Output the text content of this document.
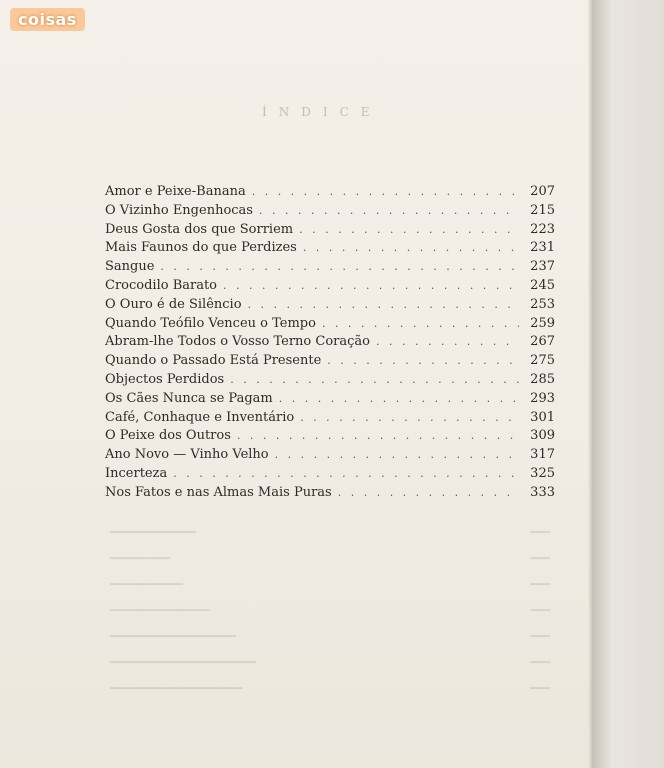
coisas
ÍNDICE
Amor e Peixe-Banana . . .	207
O Vizinho Engenhocas . . .	215
Deus Gosta dos que Sorriem . . .	223
Mais Faunos do que Perdizes . . .	231
Sangue . . .	237
Crocodilo Barato . . .	245
O Ouro é de Silêncio . . .	253
Quando Teófilo Venceu o Tempo . . .	259
Abram-lhe Todos o Vosso Terno Coração . . .	267
Quando o Passado Está Presente . . .	275
Objectos Perdidos . . .	285
Os Cães Nunca se Pagam . . .	293
Café, Conhaque e Inventário . . .	301
O Peixe dos Outros . . .	309
Ano Novo — Vinho Velho . . .	317
Incerteza . . .	325
Nos Fatos e nas Almas Mais Puras . . .	333
━━━━━━━━━━━━━	━━━
━━━━━━━━━	━━━
━━━━━━━━━━━	━━━
━━━━━━━━━━━━━━━	━━━
━━━━━━━━━━━━━━━━━━━	━━━
━━━━━━━━━━━━━━━━━━━━━━	━━━
━━━━━━━━━━━━━━━━━━━━	━━━
